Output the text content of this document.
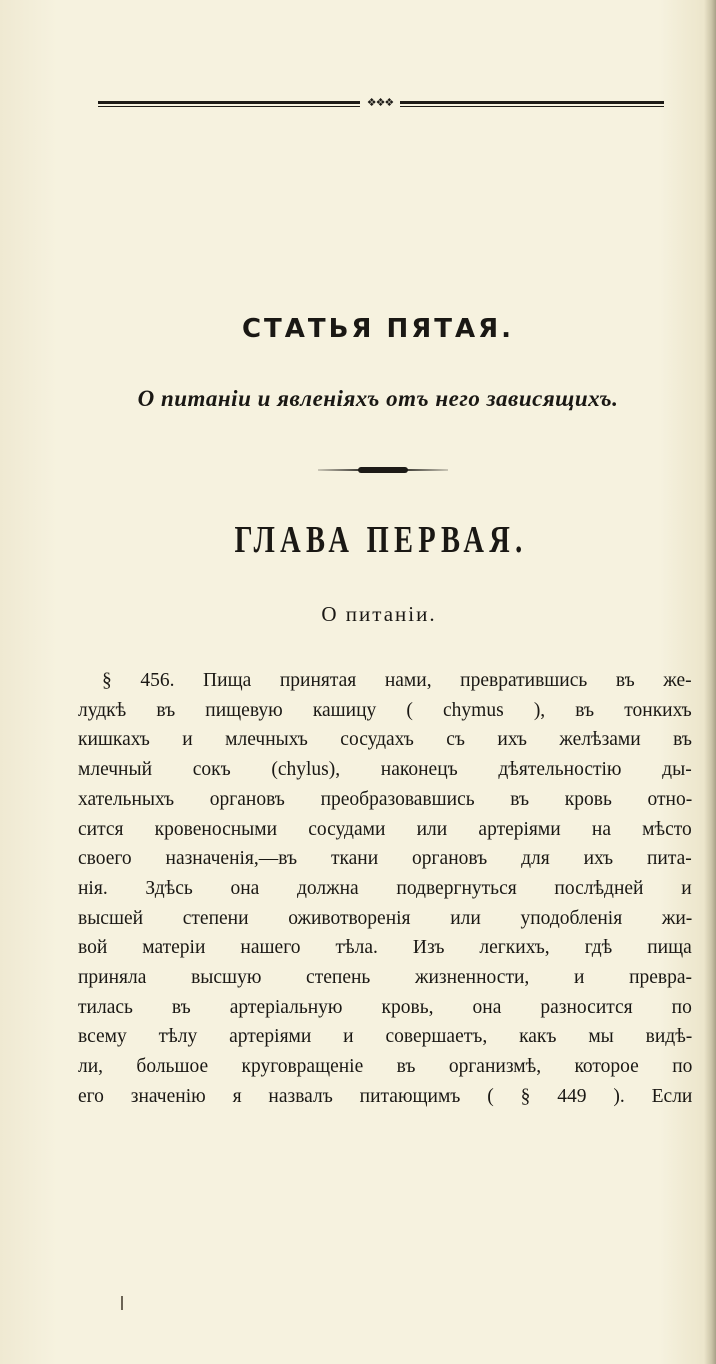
❖❖❖
СТАТЬЯ ПЯТАЯ.
О питаніи и явленіяхъ отъ него зависящихъ.
ГЛАВА ПЕРВАЯ.
О питаніи.
§ 456. Пища принятая нами, превратившись въ же-
лудкѣ въ пищевую кашицу ( chymus ), въ тонкихъ
кишкахъ и млечныхъ сосудахъ съ ихъ желѣзами въ
млечный сокъ (chylus), наконецъ дѣятельностію ды-
хательныхъ органовъ преобразовавшись въ кровь отно-
сится кровеносными сосудами или артеріями на мѣсто
своего назначенія,—въ ткани органовъ для ихъ пита-
нія. Здѣсь она должна подвергнуться послѣдней и
высшей степени оживотворенія или уподобленія жи-
вой матеріи нашего тѣла. Изъ легкихъ, гдѣ пища
приняла высшую степень жизненности, и превра-
тилась въ артеріальную кровь, она разносится по
всему тѣлу артеріями и совершаетъ, какъ мы видѣ-
ли, большое круговращеніе въ организмѣ, которое по
его значенію я назвалъ питающимъ ( § 449 ). Если
